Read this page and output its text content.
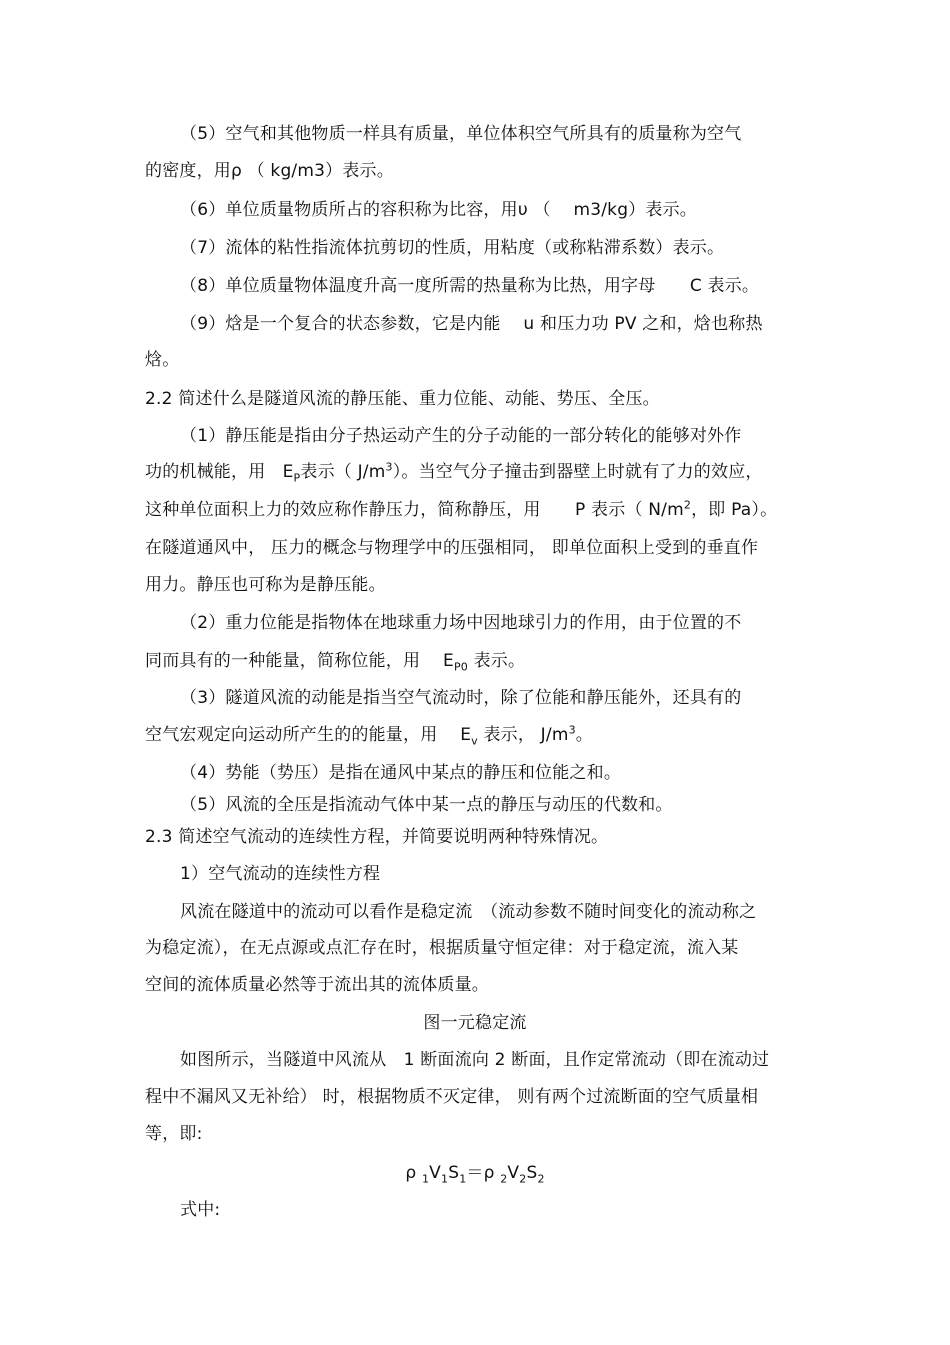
（5）空气和其他物质一样具有质量，单位体积空气所具有的质量称为空气
的密度，用ρ （ kg/m3）表示。
（6）单位质量物质所占的容积称为比容，用υ （　 m3/kg）表示。
（7）流体的粘性指流体抗剪切的性质，用粘度（或称粘滞系数）表示。
（8）单位质量物体温度升高一度所需的热量称为比热，用字母　　C 表示。
（9）焓是一个复合的状态参数，它是内能　 u 和压力功 PV 之和，焓也称热
焓。
2.2 简述什么是隧道风流的静压能、重力位能、动能、势压、全压。
（1）静压能是指由分子热运动产生的分子动能的一部分转化的能够对外作
功的机械能，用　$E_P$表示（ $J/m^3$）。当空气分子撞击到器壁上时就有了力的效应，
这种单位面积上力的效应称作静压力，简称静压，用　　P 表示（ $N/m^2$，即 Pa）。
在隧道通风中， 压力的概念与物理学中的压强相同， 即单位面积上受到的垂直作
用力。静压也可称为是静压能。
（2）重力位能是指物体在地球重力场中因地球引力的作用，由于位置的不
同而具有的一种能量，简称位能，用　 $E_{P0}$ 表示。
（3）隧道风流的动能是指当空气流动时，除了位能和静压能外，还具有的
空气宏观定向运动所产生的的能量，用　 $E_v$ 表示， $J/m^3$。
（4）势能（势压）是指在通风中某点的静压和位能之和。
（5）风流的全压是指流动气体中某一点的静压与动压的代数和。
2.3 简述空气流动的连续性方程，并简要说明两种特殊情况。
1）空气流动的连续性方程
风流在隧道中的流动可以看作是稳定流　（流动参数不随时间变化的流动称之
为稳定流），在无点源或点汇存在时，根据质量守恒定律：对于稳定流，流入某
空间的流体质量必然等于流出其的流体质量。
图一元稳定流
如图所示，当隧道中风流从　1 断面流向 2 断面，且作定常流动（即在流动过
程中不漏风又无补给） 时，根据物质不灭定律， 则有两个过流断面的空气质量相
等，即:
ρ $_1V_1S_1=\rho$ $_2V_2S_2$
式中:
